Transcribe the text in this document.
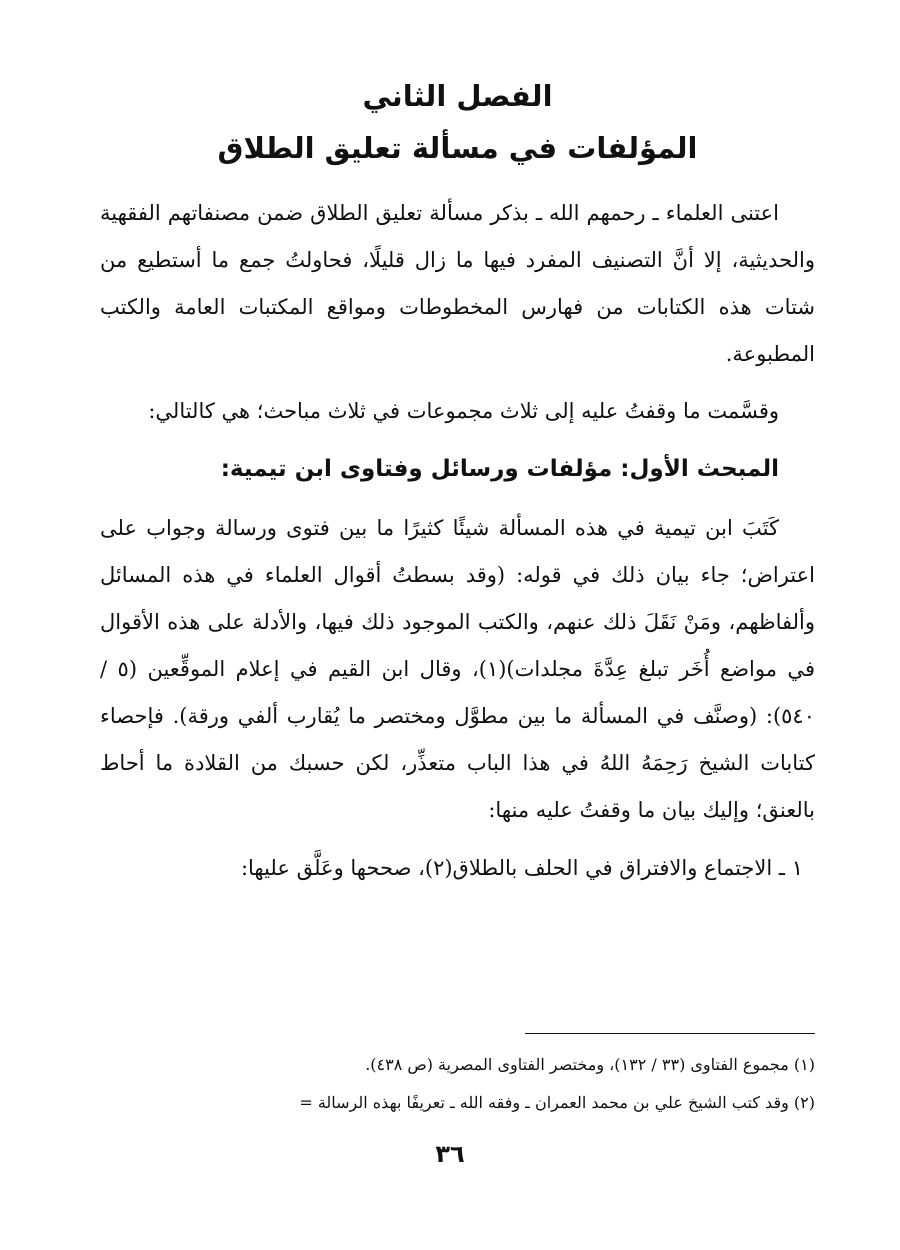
الفصل الثاني
المؤلفات في مسألة تعليق الطلاق

اعتنى العلماء ـ رحمهم الله ـ بذكر مسألة تعليق الطلاق ضمن مصنفاتهم الفقهية والحديثية، إلا أنَّ التصنيف المفرد فيها ما زال قليلًا، فحاولتُ جمع ما أستطيع من شتات هذه الكتابات من فهارس المخطوطات ومواقع المكتبات العامة والكتب المطبوعة.

وقسَّمت ما وقفتُ عليه إلى ثلاث مجموعات في ثلاث مباحث؛ هي كالتالي:

المبحث الأول: مؤلفات ورسائل وفتاوى ابن تيمية:

كَتَبَ ابن تيمية في هذه المسألة شيئًا كثيرًا ما بين فتوى ورسالة وجواب على اعتراض؛ جاء بيان ذلك في قوله: (وقد بسطتُ أقوال العلماء في هذه المسائل وألفاظهم، ومَنْ نَقَلَ ذلك عنهم، والكتب الموجود ذلك فيها، والأدلة على هذه الأقوال في مواضع أُخَر تبلغ عِدَّةَ مجلدات)(١)، وقال ابن القيم في إعلام الموقِّعين (٥ / ٥٤٠): (وصنَّف في المسألة ما بين مطوَّل ومختصر ما يُقارب ألفي ورقة). فإحصاء كتابات الشيخ رَحِمَهُ اللهُ في هذا الباب متعذِّر، لكن حسبك من القلادة ما أحاط بالعنق؛ وإليك بيان ما وقفتُ عليه منها:

١ ـ الاجتماع والافتراق في الحلف بالطلاق(٢)، صححها وعَلَّق عليها:

(١) مجموع الفتاوى (٣٣ / ١٣٢)، ومختصر الفتاوى المصرية (ص ٤٣٨).

(٢) وقد كتب الشيخ علي بن محمد العمران ـ وفقه الله ـ تعريفًا بهذه الرسالة =

٣٦
